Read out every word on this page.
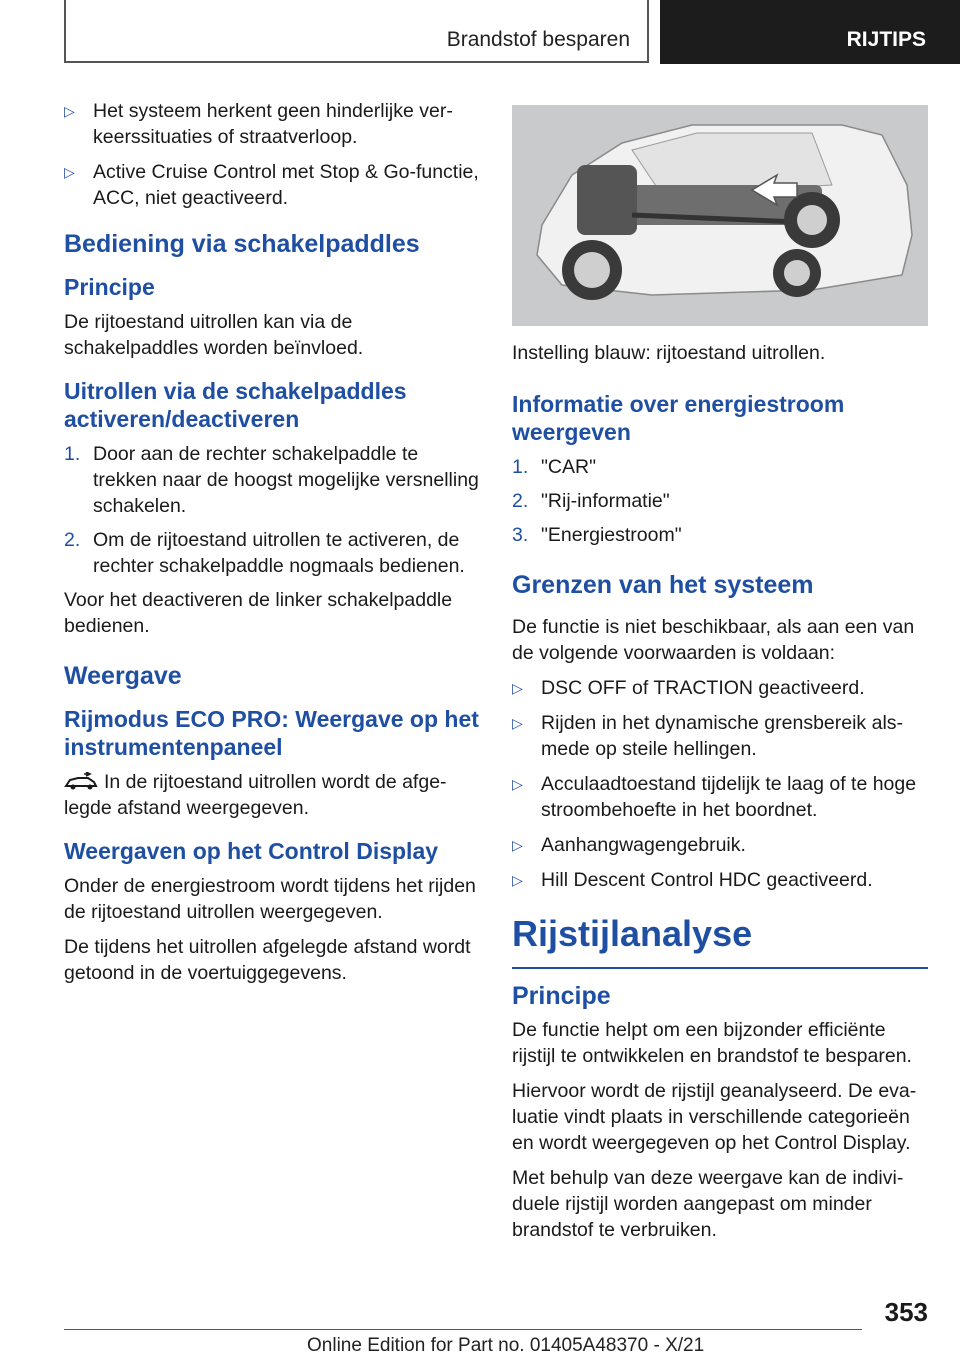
Brandstof besparen	RIJTIPS
▷ Het systeem herkent geen hinderlijke verkeerssituaties of straatverloop.
▷ Active Cruise Control met Stop & Go-functie, ACC, niet geactiveerd.
Bediening via schakelpaddles
Principe

De rijtoestand uitrollen kan via de schakelpaddles worden beïnvloed.

Uitrollen via de schakelpaddles activeren/deactiveren
1. Door aan de rechter schakelpaddle te trekken naar de hoogst mogelijke versnelling schakelen.
2. Om de rijtoestand uitrollen te activeren, de rechter schakelpaddle nogmaals bedienen.

Voor het deactiveren de linker schakelpaddle bedienen.

Weergave
Rijmodus ECO PRO: Weergave op het instrumentenpaneel

In de rijtoestand uitrollen wordt de afgelegde afstand weergegeven.

Weergaven op het Control Display

Onder de energiestroom wordt tijdens het rijden de rijtoestand uitrollen weergegeven.

De tijdens het uitrollen afgelegde afstand wordt getoond in de voertuiggegevens.

Instelling blauw: rijtoestand uitrollen.

Informatie over energiestroom weergeven
1. "CAR"
2. "Rij-informatie"
3. "Energiestroom"
Grenzen van het systeem

De functie is niet beschikbaar, als aan een van de volgende voorwaarden is voldaan:

▷ DSC OFF of TRACTION geactiveerd.
▷ Rijden in het dynamische grensbereik alsmede op steile hellingen.
▷ Acculaadtoestand tijdelijk te laag of te hoge stroombehoefte in het boordnet.
▷ Aanhangwagengebruik.
▷ Hill Descent Control HDC geactiveerd.
Rijstijlanalyse
Principe

De functie helpt om een bijzonder efficiënte rijstijl te ontwikkelen en brandstof te besparen.

Hiervoor wordt de rijstijl geanalyseerd. De evaluatie vindt plaats in verschillende categorieën en wordt weergegeven op het Control Display.

Met behulp van deze weergave kan de individuele rijstijl worden aangepast om minder brandstof te verbruiken.

353
Online Edition for Part no. 01405A48370 - X/21
